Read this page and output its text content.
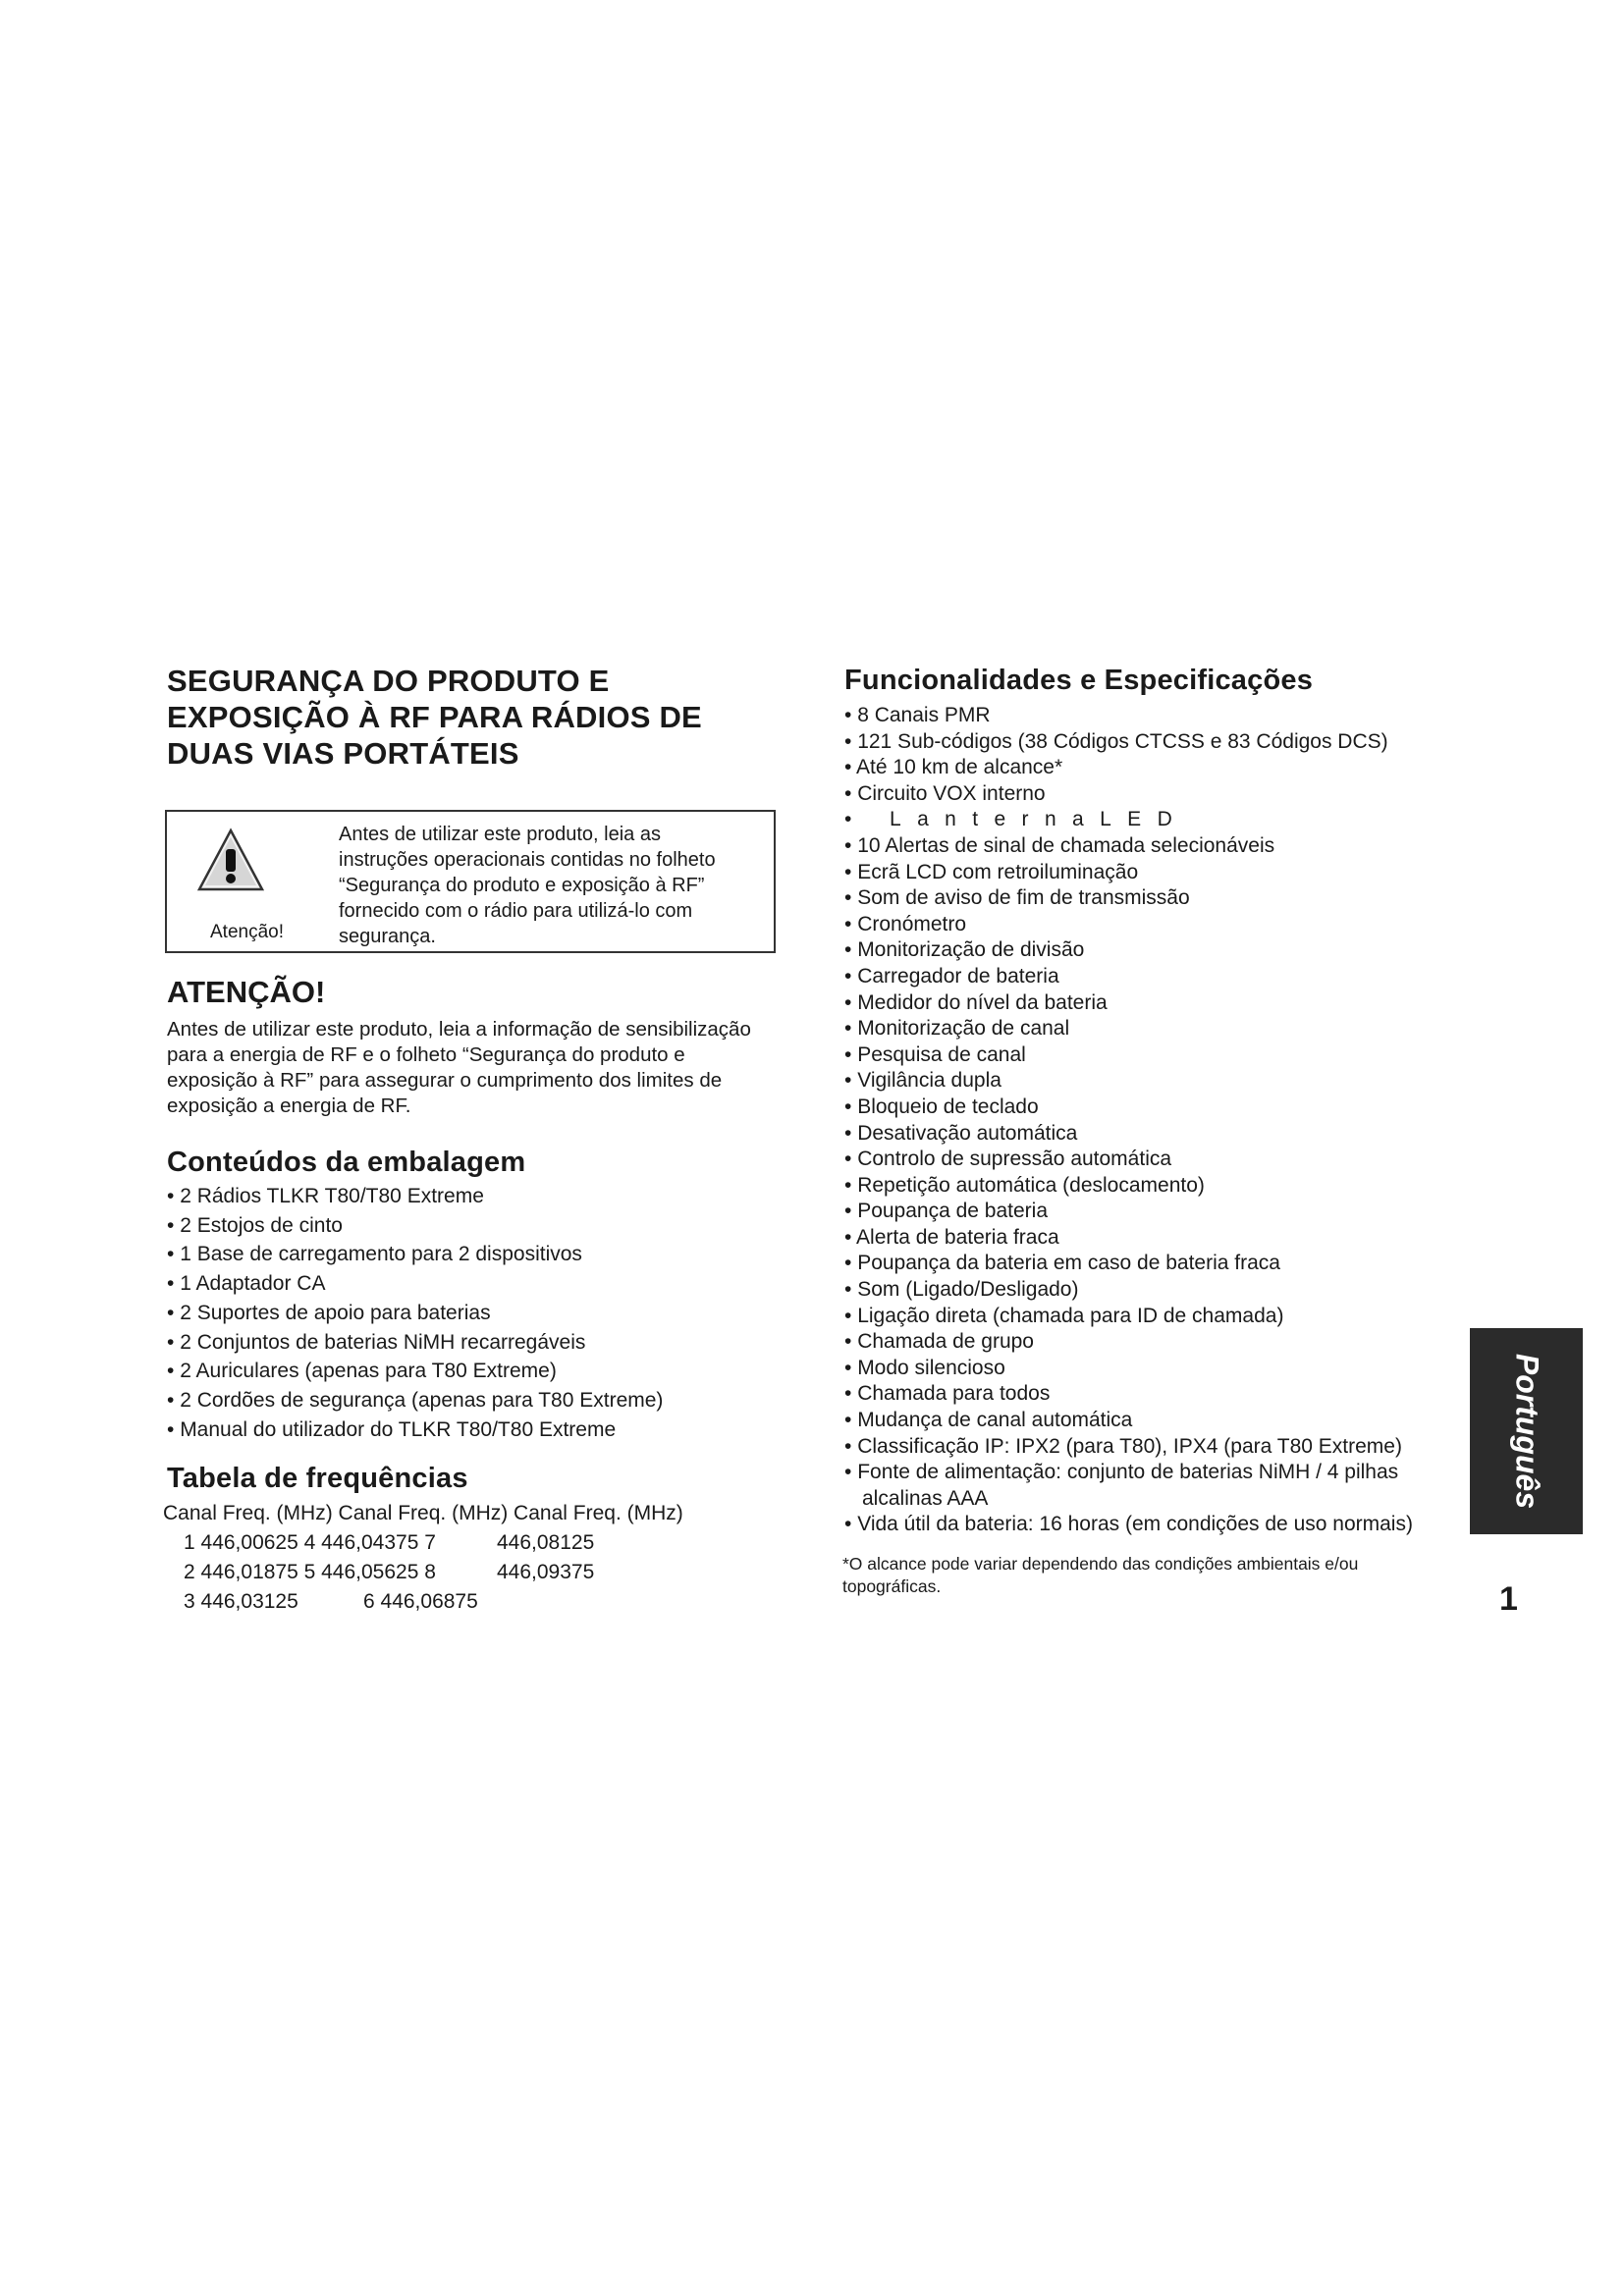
SEGURANÇA DO PRODUTO E
EXPOSIÇÃO À RF PARA RÁDIOS DE
DUAS VIAS PORTÁTEIS
Atenção!
Antes de utilizar este produto, leia as
instruções operacionais contidas no folheto
“Segurança do produto e exposição à RF”
fornecido com o rádio para utilizá-lo com
segurança.
ATENÇÃO!

Antes de utilizar este produto, leia a informação de sensibilização
para a energia de RF e o folheto “Segurança do produto e
exposição à RF” para assegurar o cumprimento dos limites de
exposição a energia de RF.

Conteúdos da embalagem
• 2 Rádios TLKR T80/T80 Extreme
• 2 Estojos de cinto
• 1 Base de carregamento para 2 dispositivos
• 1 Adaptador CA
• 2 Suportes de apoio para baterias
• 2 Conjuntos de baterias NiMH recarregáveis
• 2 Auriculares (apenas para T80 Extreme)
• 2 Cordões de segurança (apenas para T80 Extreme)
• Manual do utilizador do TLKR T80/T80 Extreme
Tabela de frequências
Canal Freq. (MHz) Canal Freq. (MHz) Canal Freq. (MHz)
1 446,00625 4 446,04375 7	446,08125
2 446,01875 5 446,05625 8	446,09375
3 446,03125	6 446,06875
Funcionalidades e Especificações
• 8 Canais PMR
• 121 Sub-códigos (38 Códigos CTCSS e 83 Códigos DCS)
• Até 10 km de alcance*
• Circuito VOX interno
• LanternaLED
• 10 Alertas de sinal de chamada selecionáveis
• Ecrã LCD com retroiluminação
• Som de aviso de fim de transmissão
• Cronómetro
• Monitorização de divisão
• Carregador de bateria
• Medidor do nível da bateria
• Monitorização de canal
• Pesquisa de canal
• Vigilância dupla
• Bloqueio de teclado
• Desativação automática
• Controlo de supressão automática
• Repetição automática (deslocamento)
• Poupança de bateria
• Alerta de bateria fraca
• Poupança da bateria em caso de bateria fraca
• Som (Ligado/Desligado)
• Ligação direta (chamada para ID de chamada)
• Chamada de grupo
• Modo silencioso
• Chamada para todos
• Mudança de canal automática
• Classificação IP: IPX2 (para T80), IPX4 (para T80 Extreme)
• Fonte de alimentação: conjunto de baterias NiMH / 4 pilhas alcalinas AAA
• Vida útil da bateria: 16 horas (em condições de uso normais)
*O alcance pode variar dependendo das condições ambientais e/ou
topográficas.
Português
1
